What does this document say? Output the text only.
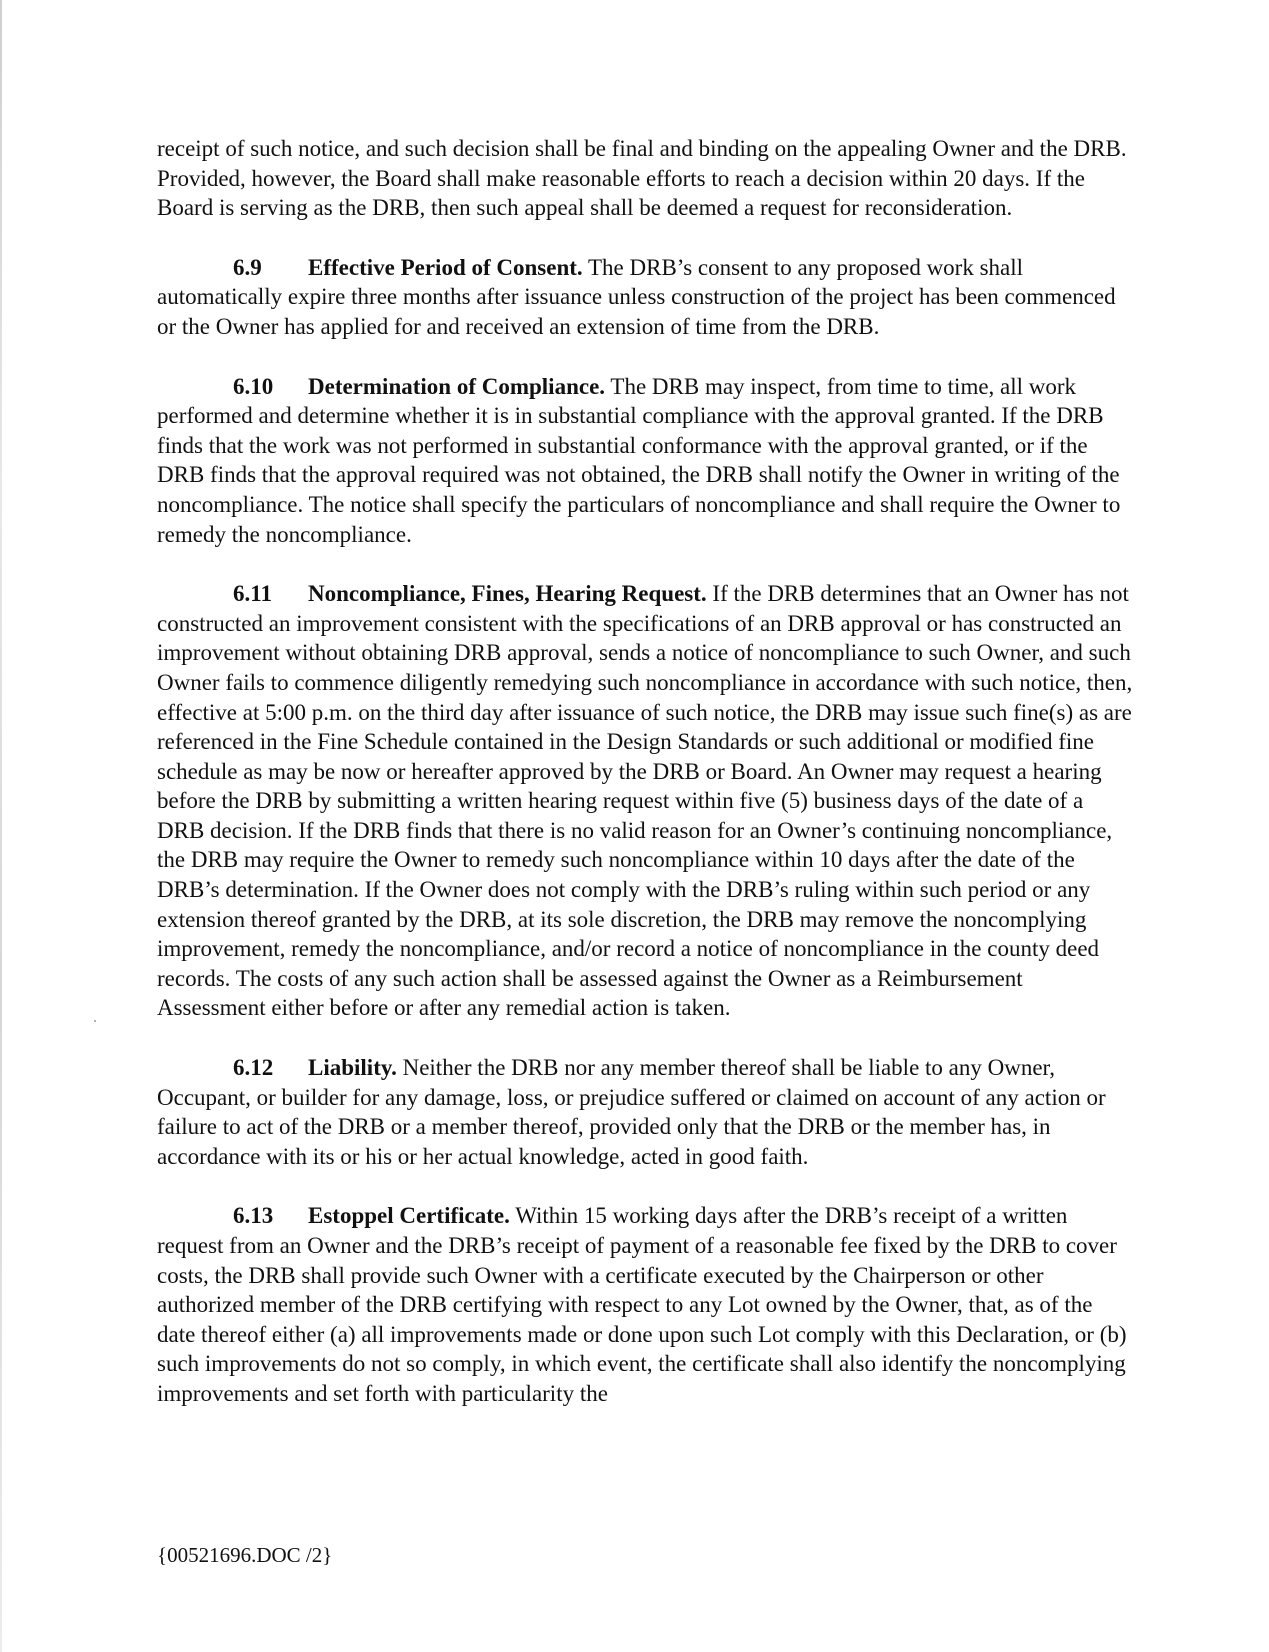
receipt of such notice, and such decision shall be final and binding on the appealing Owner and the DRB. Provided, however, the Board shall make reasonable efforts to reach a decision within 20 days. If the Board is serving as the DRB, then such appeal shall be deemed a request for reconsideration.

6.9 Effective Period of Consent. The DRB’s consent to any proposed work shall automatically expire three months after issuance unless construction of the project has been commenced or the Owner has applied for and received an extension of time from the DRB.

6.10 Determination of Compliance. The DRB may inspect, from time to time, all work performed and determine whether it is in substantial compliance with the approval granted. If the DRB finds that the work was not performed in substantial conformance with the approval granted, or if the DRB finds that the approval required was not obtained, the DRB shall notify the Owner in writing of the noncompliance. The notice shall specify the particulars of noncompliance and shall require the Owner to remedy the noncompliance.

6.11 Noncompliance, Fines, Hearing Request. If the DRB determines that an Owner has not constructed an improvement consistent with the specifications of an DRB approval or has constructed an improvement without obtaining DRB approval, sends a notice of noncompliance to such Owner, and such Owner fails to commence diligently remedying such noncompliance in accordance with such notice, then, effective at 5:00 p.m. on the third day after issuance of such notice, the DRB may issue such fine(s) as are referenced in the Fine Schedule contained in the Design Standards or such additional or modified fine schedule as may be now or hereafter approved by the DRB or Board. An Owner may request a hearing before the DRB by submitting a written hearing request within five (5) business days of the date of a DRB decision. If the DRB finds that there is no valid reason for an Owner’s continuing noncompliance, the DRB may require the Owner to remedy such noncompliance within 10 days after the date of the DRB’s determination. If the Owner does not comply with the DRB’s ruling within such period or any extension thereof granted by the DRB, at its sole discretion, the DRB may remove the noncomplying improvement, remedy the noncompliance, and/or record a notice of noncompliance in the county deed records. The costs of any such action shall be assessed against the Owner as a Reimbursement Assessment either before or after any remedial action is taken.

6.12 Liability. Neither the DRB nor any member thereof shall be liable to any Owner, Occupant, or builder for any damage, loss, or prejudice suffered or claimed on account of any action or failure to act of the DRB or a member thereof, provided only that the DRB or the member has, in accordance with its or his or her actual knowledge, acted in good faith.

6.13 Estoppel Certificate. Within 15 working days after the DRB’s receipt of a written request from an Owner and the DRB’s receipt of payment of a reasonable fee fixed by the DRB to cover costs, the DRB shall provide such Owner with a certificate executed by the Chairperson or other authorized member of the DRB certifying with respect to any Lot owned by the Owner, that, as of the date thereof either (a) all improvements made or done upon such Lot comply with this Declaration, or (b) such improvements do not so comply, in which event, the certificate shall also identify the noncomplying improvements and set forth with particularity the

{00521696.DOC /2}
